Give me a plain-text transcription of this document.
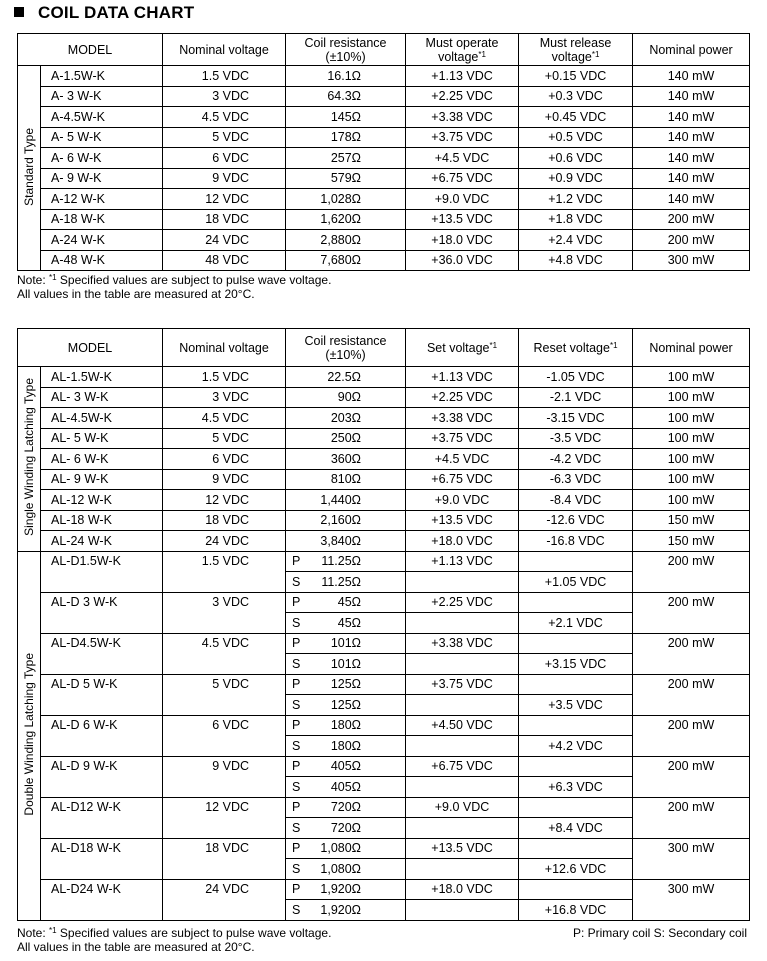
COIL DATA CHART
MODEL		Nominal voltage	Coil resistance (±10%)	Must operate voltage$^{*1}$	Must release voltage$^{*1}$	Nominal power
Standard Type	A-1.5W-K	1.5 VDC	16.1Ω	+1.13 VDC	+0.15 VDC	140 mW
	A- 3 W-K	3 VDC	64.3Ω	+2.25 VDC	+0.3 VDC	140 mW
	A-4.5W-K	4.5 VDC	145Ω	+3.38 VDC	+0.45 VDC	140 mW
	A- 5 W-K	5 VDC	178Ω	+3.75 VDC	+0.5 VDC	140 mW
	A- 6 W-K	6 VDC	257Ω	+4.5 VDC	+0.6 VDC	140 mW
	A- 9 W-K	9 VDC	579Ω	+6.75 VDC	+0.9 VDC	140 mW
	A-12 W-K	12 VDC	1,028Ω	+9.0 VDC	+1.2 VDC	140 mW
	A-18 W-K	18 VDC	1,620Ω	+13.5 VDC	+1.8 VDC	200 mW
	A-24 W-K	24 VDC	2,880Ω	+18.0 VDC	+2.4 VDC	200 mW
	A-48 W-K	48 VDC	7,680Ω	+36.0 VDC	+4.8 VDC	300 mW
Note: $^{*1}$ Specified values are subject to pulse wave voltage.
All values in the table are measured at 20°C.
MODEL		Nominal voltage	Coil resistance (±10%)	Set voltage$^{*1}$	Reset voltage$^{*1}$	Nominal power
Single Winding Latching Type	AL-1.5W-K	1.5 VDC	22.5Ω	+1.13 VDC	-1.05 VDC	100 mW
	AL- 3 W-K	3 VDC	90Ω	+2.25 VDC	-2.1 VDC	100 mW
	AL-4.5W-K	4.5 VDC	203Ω	+3.38 VDC	-3.15 VDC	100 mW
	AL- 5 W-K	5 VDC	250Ω	+3.75 VDC	-3.5 VDC	100 mW
	AL- 6 W-K	6 VDC	360Ω	+4.5 VDC	-4.2 VDC	100 mW
	AL- 9 W-K	9 VDC	810Ω	+6.75 VDC	-6.3 VDC	100 mW
	AL-12 W-K	12 VDC	1,440Ω	+9.0 VDC	-8.4 VDC	100 mW
	AL-18 W-K	18 VDC	2,160Ω	+13.5 VDC	-12.6 VDC	150 mW
	AL-24 W-K	24 VDC	3,840Ω	+18.0 VDC	-16.8 VDC	150 mW
Double Winding Latching Type	AL-D1.5W-K	1.5 VDC	P 11.25Ω	+1.13 VDC		200 mW

			S 11.25Ω		+1.05 VDC	
	AL-D 3 W-K	3 VDC	P 45Ω	+2.25 VDC		200 mW

			S 45Ω		+2.1 VDC	
	AL-D4.5W-K	4.5 VDC	P 101Ω	+3.38 VDC		200 mW

			S 101Ω		+3.15 VDC	
	AL-D 5 W-K	5 VDC	P 125Ω	+3.75 VDC		200 mW

			S 125Ω		+3.5 VDC	
	AL-D 6 W-K	6 VDC	P 180Ω	+4.50 VDC		200 mW

			S 180Ω		+4.2 VDC	
	AL-D 9 W-K	9 VDC	P 405Ω	+6.75 VDC		200 mW

			S 405Ω		+6.3 VDC	
	AL-D12 W-K	12 VDC	P 720Ω	+9.0 VDC		200 mW

			S 720Ω		+8.4 VDC	
	AL-D18 W-K	18 VDC	P 1,080Ω	+13.5 VDC		300 mW

			S 1,080Ω		+12.6 VDC	
	AL-D24 W-K	24 VDC	P 1,920Ω	+18.0 VDC		300 mW

			S 1,920Ω		+16.8 VDC	
Note: $^{*1}$ Specified values are subject to pulse wave voltage.
All values in the table are measured at 20°C.
P: Primary coil S: Secondary coil
